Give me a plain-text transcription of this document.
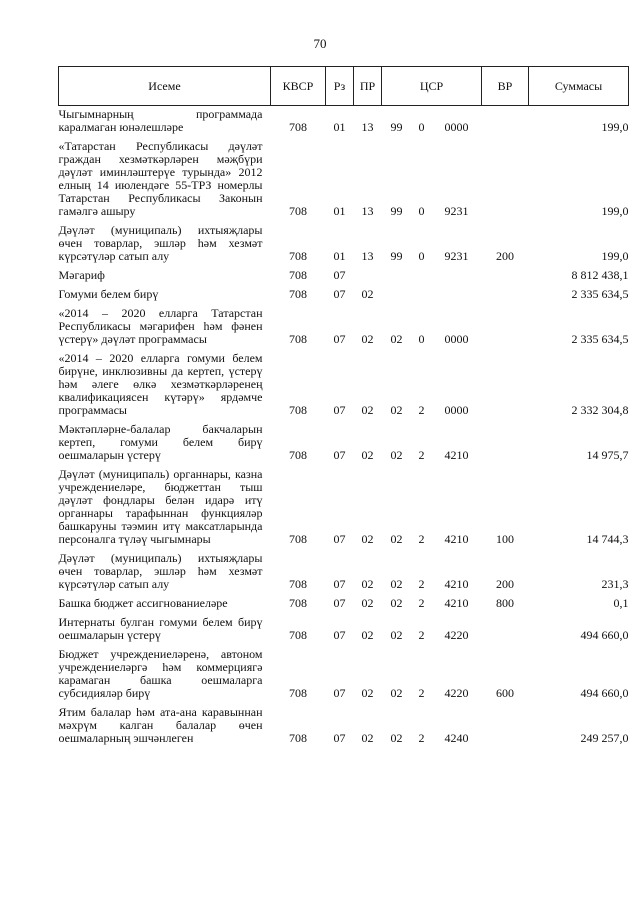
70
Исеме	КВСР	Рз	ПР	ЦСР			ВР	Суммасы
Чыгымнарның программада каралмаган юнәлешләре	708	01	13	99	0	0000		199,0
«Татарстан Республикасы дәүләт граждан хезмәткәрләрен мәҗбүри дәүләт иминләштерүе турында» 2012 елның 14 июлендәге 55-ТРЗ номерлы Татарстан Республикасы Законын гамәлгә ашыру	708	01	13	99	0	9231		199,0
Дәүләт (муниципаль) ихтыяҗлары өчен товарлар, эшләр һәм хезмәт күрсәтүләр сатып алу	708	01	13	99	0	9231	200	199,0
Мәгариф	708	07						8 812 438,1
Гомуми белем бирү	708	07	02					2 335 634,5
«2014 – 2020 елларга Татарстан Республикасы мәгарифен һәм фәнен үстерү» дәүләт программасы	708	07	02	02	0	0000		2 335 634,5
«2014 – 2020 елларга гомуми белем бирүне, инклюзивны да кертеп, үстерү һәм әлеге өлкә хезмәткәрләренең квалификациясен күтәрү» ярдәмче программасы	708	07	02	02	2	0000		2 332 304,8
Мәктәпләрне-балалар бакчаларын кертеп, гомуми белем бирү оешмаларын үстерү	708	07	02	02	2	4210		14 975,7
Дәүләт (муниципаль) органнары, казна учреждениеләре, бюджеттан тыш дәүләт фондлары белән идарә итү органнары тарафыннан функцияләр башкаруны тәэмин итү максатларында персоналга түләү чыгымнары	708	07	02	02	2	4210	100	14 744,3
Дәүләт (муниципаль) ихтыяҗлары өчен товарлар, эшләр һәм хезмәт күрсәтүләр сатып алу	708	07	02	02	2	4210	200	231,3
Башка бюджет ассигнованиеләре	708	07	02	02	2	4210	800	0,1
Интернаты булган гомуми белем бирү оешмаларын үстерү	708	07	02	02	2	4220		494 660,0
Бюджет учреждениеләренә, автоном учреждениеләргә һәм коммерциягә карамаган башка оешмаларга субсидияләр бирү	708	07	02	02	2	4220	600	494 660,0
Ятим балалар һәм ата-ана каравыннан мәхрүм калган балалар өчен оешмаларның эшчәнлеген	708	07	02	02	2	4240		249 257,0
